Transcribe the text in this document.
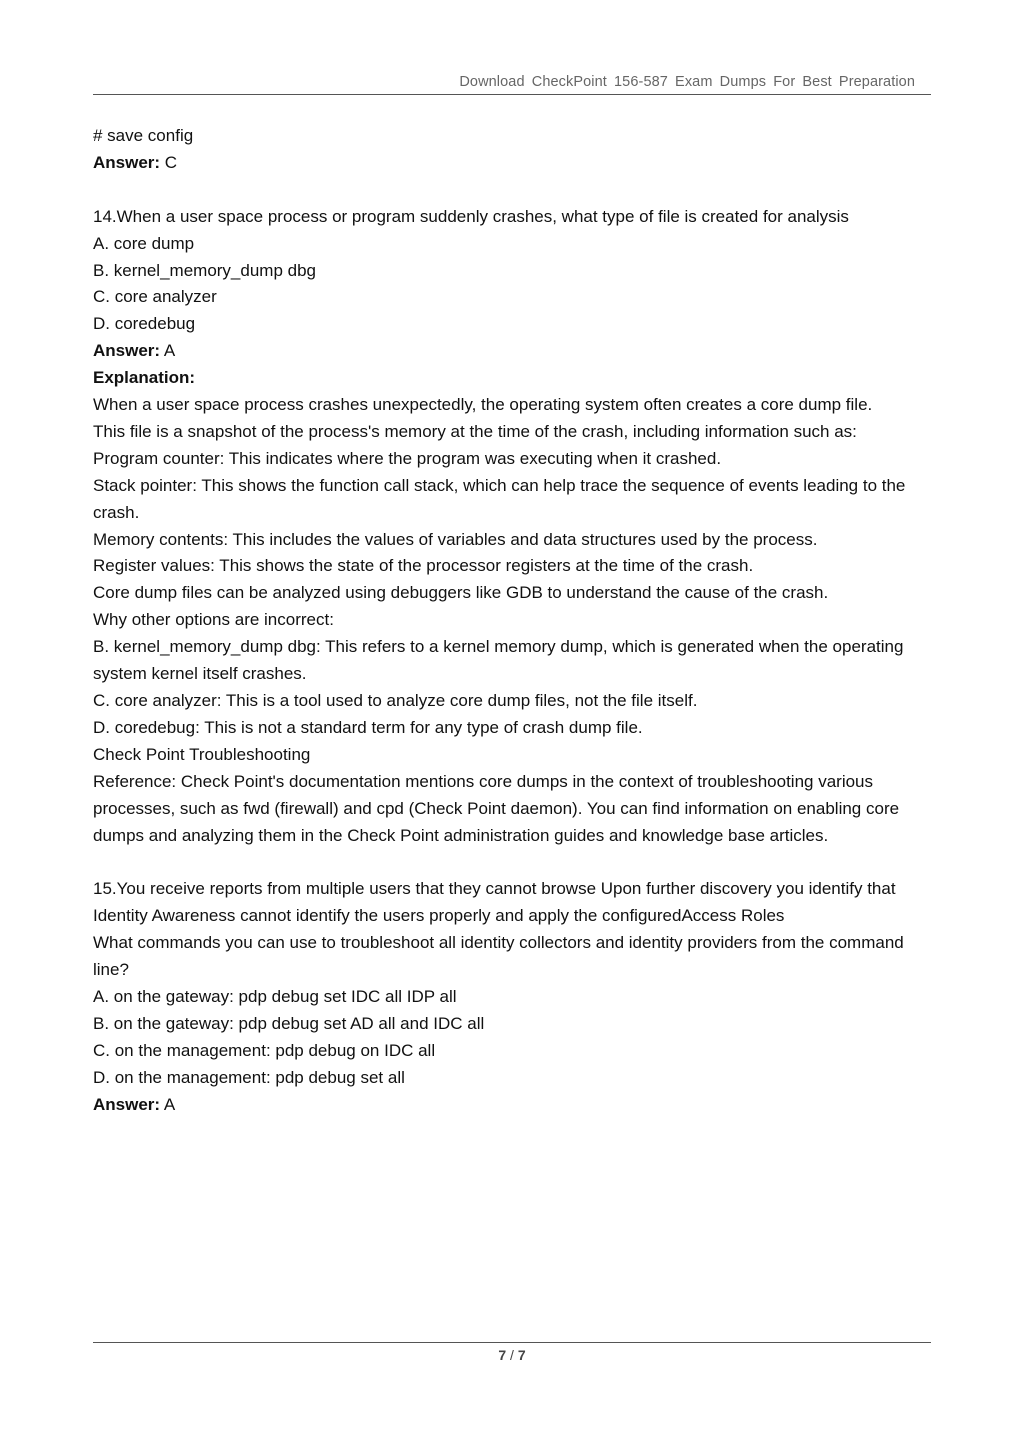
Download CheckPoint 156-587 Exam Dumps For Best Preparation

# save config

Answer: C

14.When a user space process or program suddenly crashes, what type of file is created for analysis

A. core dump

B. kernel_memory_dump dbg

C. core analyzer

D. coredebug

Answer: A

Explanation:

When a user space process crashes unexpectedly, the operating system often creates a core dump file.

This file is a snapshot of the process's memory at the time of the crash, including information such as:

Program counter: This indicates where the program was executing when it crashed.

Stack pointer: This shows the function call stack, which can help trace the sequence of events leading to the crash.

Memory contents: This includes the values of variables and data structures used by the process.

Register values: This shows the state of the processor registers at the time of the crash.

Core dump files can be analyzed using debuggers like GDB to understand the cause of the crash.

Why other options are incorrect:

B. kernel_memory_dump dbg: This refers to a kernel memory dump, which is generated when the operating system kernel itself crashes.

C. core analyzer: This is a tool used to analyze core dump files, not the file itself.

D. coredebug: This is not a standard term for any type of crash dump file.

Check Point Troubleshooting

Reference: Check Point's documentation mentions core dumps in the context of troubleshooting various processes, such as fwd (firewall) and cpd (Check Point daemon). You can find information on enabling core dumps and analyzing them in the Check Point administration guides and knowledge base articles.

15.You receive reports from multiple users that they cannot browse Upon further discovery you identify that Identity Awareness cannot identify the users properly and apply the configuredAccess Roles

What commands you can use to troubleshoot all identity collectors and identity providers from the command line?

A. on the gateway: pdp debug set IDC all IDP all

B. on the gateway: pdp debug set AD all and IDC all

C. on the management: pdp debug on IDC all

D. on the management: pdp debug set all

Answer: A

7 / 7
